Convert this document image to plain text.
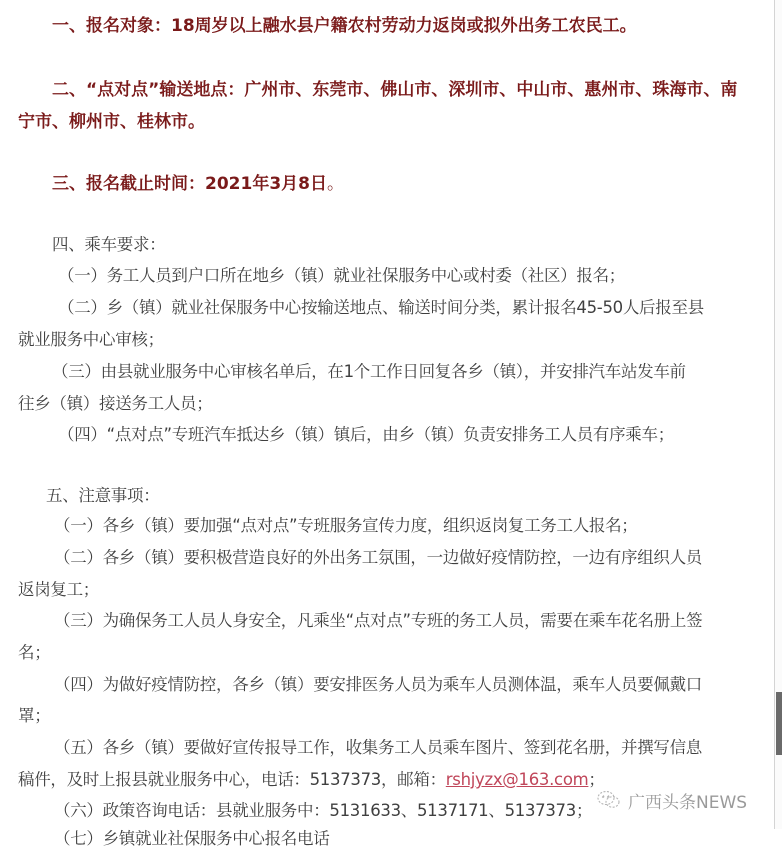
一、报名对象：18周岁以上融水县户籍农村劳动力返岗或拟外出务工农民工。
二、“点对点”输送地点：广州市、东莞市、佛山市、深圳市、中山市、惠州市、珠海市、南
宁市、柳州市、桂林市。
三、报名截止时间：2021年3月8日。
四、乘车要求：
（一）务工人员到户口所在地乡（镇）就业社保服务中心或村委（社区）报名；
（二）乡（镇）就业社保服务中心按输送地点、输送时间分类，累计报名45-50人后报至县
就业服务中心审核；
（三）由县就业服务中心审核名单后，在1个工作日回复各乡（镇），并安排汽车站发车前
往乡（镇）接送务工人员；
（四）“点对点”专班汽车抵达乡（镇）镇后，由乡（镇）负责安排务工人员有序乘车；
五、注意事项：
（一）各乡（镇）要加强“点对点”专班服务宣传力度，组织返岗复工务工人报名；
（二）各乡（镇）要积极营造良好的外出务工氛围，一边做好疫情防控，一边有序组织人员
返岗复工；
（三）为确保务工人员人身安全，凡乘坐“点对点”专班的务工人员，需要在乘车花名册上签
名；
（四）为做好疫情防控，各乡（镇）要安排医务人员为乘车人员测体温，乘车人员要佩戴口
罩；
（五）各乡（镇）要做好宣传报导工作，收集务工人员乘车图片、签到花名册，并撰写信息
稿件，及时上报县就业服务中心，电话：5137373，邮箱：rshjyzx@163.com；
（六）政策咨询电话：县就业服务中：5131633、5137171、5137373；
（七）乡镇就业社保服务中心报名电话
广西头条NEWS
